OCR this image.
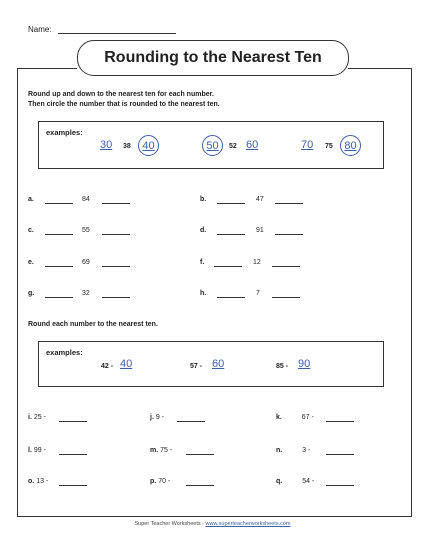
Name:
Rounding to the Nearest Ten
Round up and down to the nearest ten for each number.
Then circle the number that is rounded to the nearest ten.
examples:
30 38 40	50 52 60	70 75 80
a.	84	b.	47
c.	55	d.	91
e.	69	f.	12
g.	32	h.	7
Round each number to the nearest ten.
examples:
42 - 40	57 - 60	85 - 90
i. 25 -	j. 9 -	k.	67 -
l. 99 -	m. 75 -	n.	3 -
o. 13 -	p. 70 -	q.	54 -
Super Teacher Worksheets - www.superteacherworksheets.com
